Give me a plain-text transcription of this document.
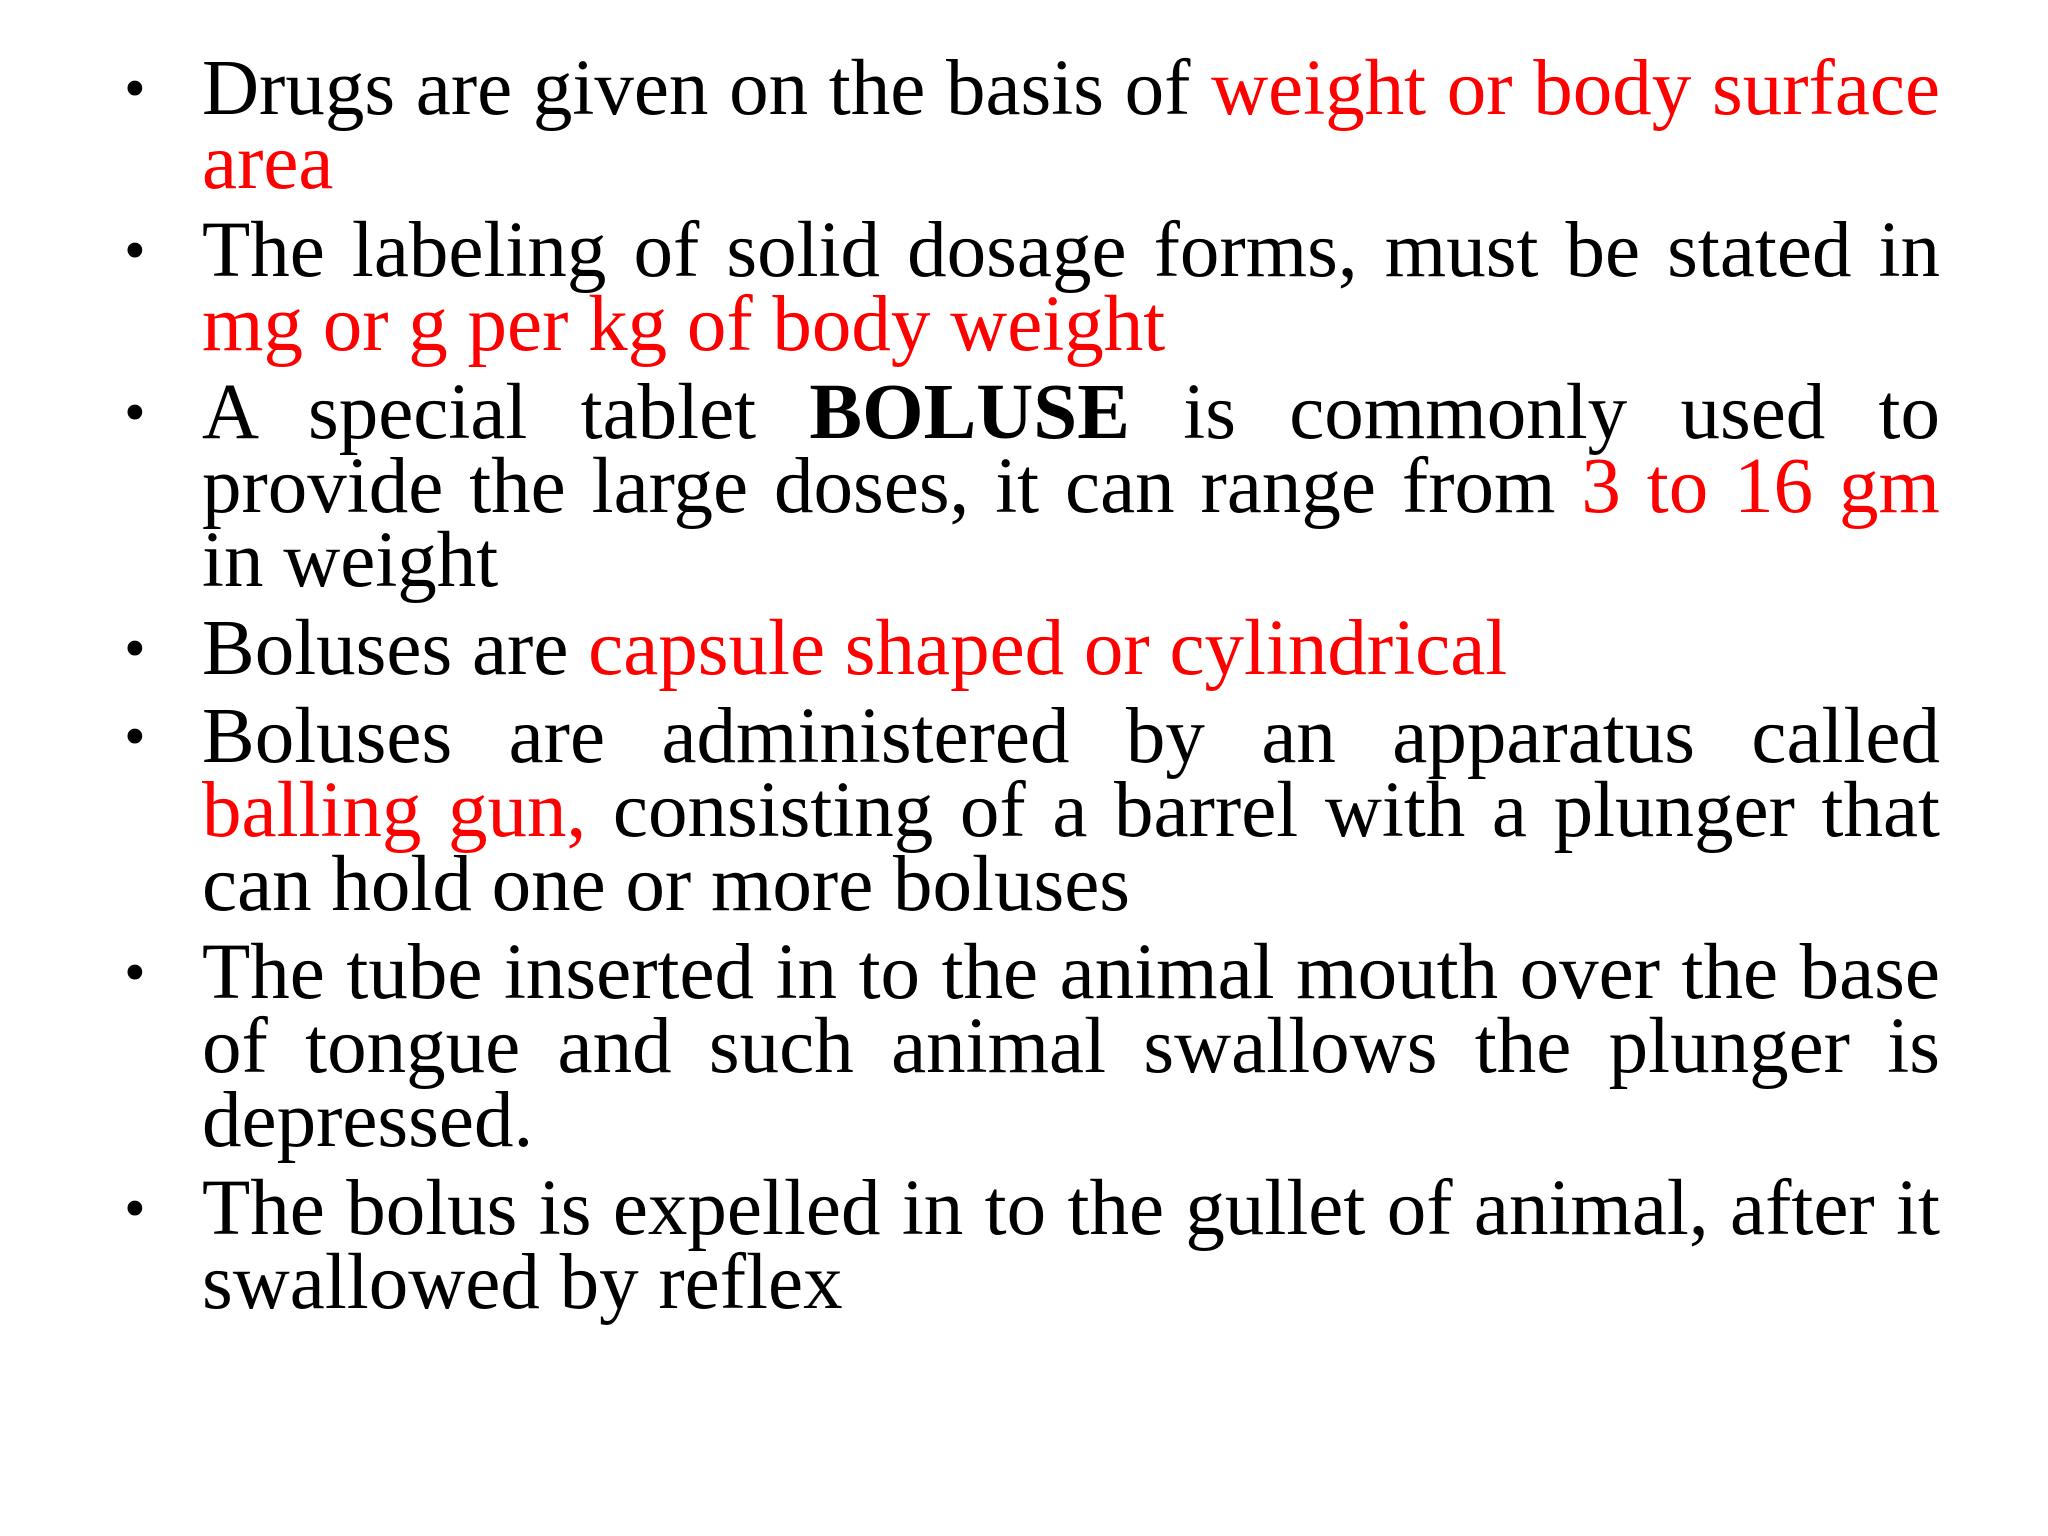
• Drugs are given on the basis of weight or body surface area
• The labeling of solid dosage forms, must be stated in mg or g per kg of body weight
• A special tablet BOLUSE is commonly used to provide the large doses, it can range from 3 to 16 gm in weight
• Boluses are capsule shaped or cylindrical
• Boluses are administered by an apparatus called balling gun, consisting of a barrel with a plunger that can hold one or more boluses
• The tube inserted in to the animal mouth over the base of tongue and such animal swallows the plunger is depressed.
• The bolus is expelled in to the gullet of animal, after it swallowed by reflex
